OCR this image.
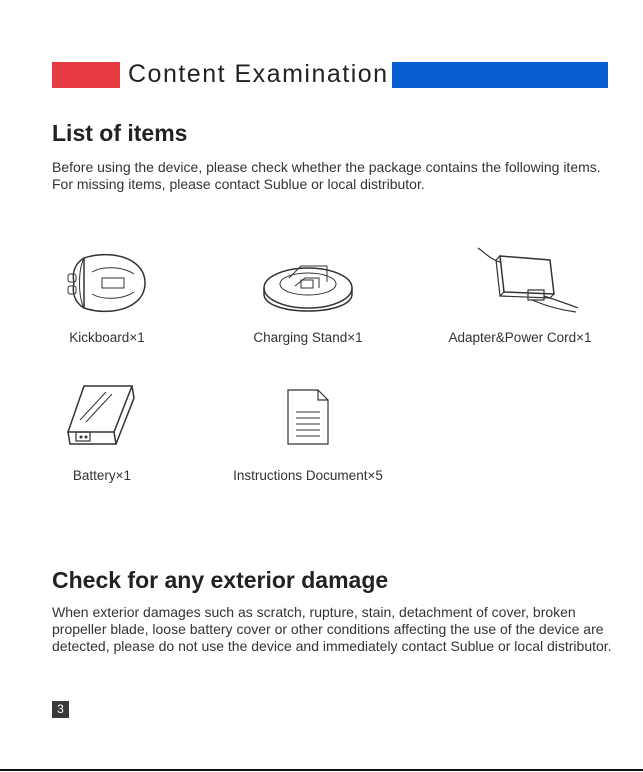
Content Examination
List of items
Before using the device, please check whether the package contains the following items. For missing items, please contact Sublue or local distributor.
Kickboard×1	Charging Stand×1	Adapter&Power Cord×1
Battery×1	Instructions Document×5
Check for any exterior damage
When exterior damages such as scratch, rupture, stain, detachment of cover, broken propeller blade, loose battery cover or other conditions affecting the use of the device are detected, please do not use the device and immediately contact Sublue or local distributor.
3
